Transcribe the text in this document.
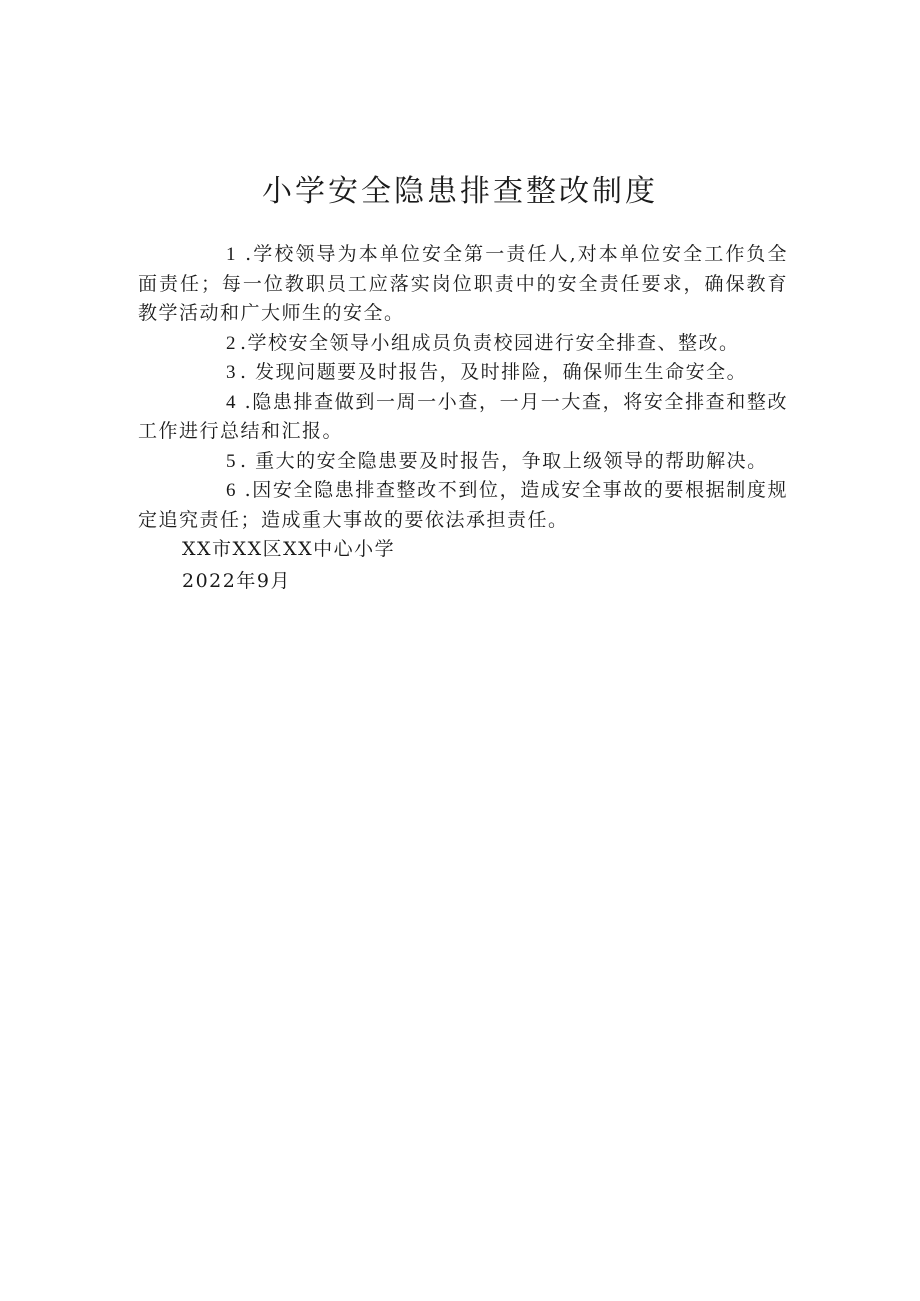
小学安全隐患排查整改制度

1 .学校领导为本单位安全第一责任人,对本单位安全工作负全面责任；每一位教职员工应落实岗位职责中的安全责任要求，确保教育教学活动和广大师生的安全。

2 .学校安全领导小组成员负责校园进行安全排查、整改。

3 . 发现问题要及时报告，及时排险，确保师生生命安全。

4 .隐患排查做到一周一小查，一月一大查，将安全排查和整改工作进行总结和汇报。

5 . 重大的安全隐患要及时报告，争取上级领导的帮助解决。

6 .因安全隐患排查整改不到位，造成安全事故的要根据制度规定追究责任；造成重大事故的要依法承担责任。

XX市XX区XX中心小学

2022年9月
